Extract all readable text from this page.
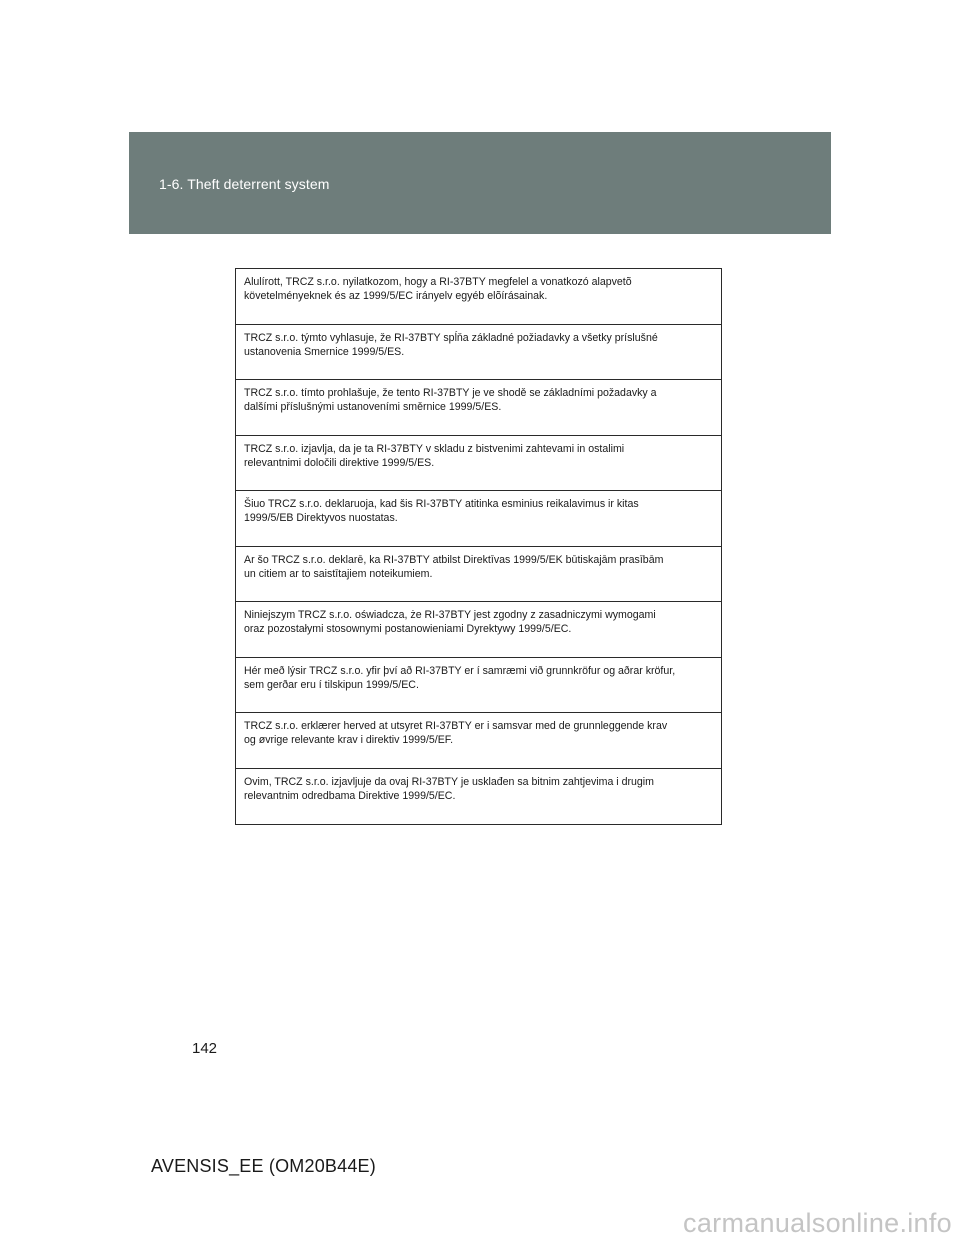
1-6. Theft deterrent system
Alulírott, TRCZ s.r.o. nyilatkozom, hogy a RI-37BTY megfelel a vonatkozó alapvetõ
követelményeknek és az 1999/5/EC irányelv egyéb elõírásainak.
TRCZ s.r.o. týmto vyhlasuje, že RI-37BTY spĺňa základné požiadavky a všetky príslušné
ustanovenia Smernice 1999/5/ES.
TRCZ s.r.o. tímto prohlašuje, že tento RI-37BTY je ve shodě se základními požadavky a
dalšími příslušnými ustanoveními směrnice 1999/5/ES.
TRCZ s.r.o. izjavlja, da je ta RI-37BTY v skladu z bistvenimi zahtevami in ostalimi
relevantnimi določili direktive 1999/5/ES.
Šiuo TRCZ s.r.o. deklaruoja, kad šis RI-37BTY atitinka esminius reikalavimus ir kitas
1999/5/EB Direktyvos nuostatas.
Ar šo TRCZ s.r.o. deklarē, ka RI-37BTY atbilst Direktīvas 1999/5/EK būtiskajām prasībām
un citiem ar to saistītajiem noteikumiem.
Niniejszym TRCZ s.r.o. oświadcza, że RI-37BTY jest zgodny z zasadniczymi wymogami
oraz pozostałymi stosownymi postanowieniami Dyrektywy 1999/5/EC.
Hér með lýsir TRCZ s.r.o. yfir því að RI-37BTY er í samræmi við grunnkröfur og aðrar kröfur,
sem gerðar eru í tilskipun 1999/5/EC.
TRCZ s.r.o. erklærer herved at utsyret RI-37BTY er i samsvar med de grunnleggende krav
og øvrige relevante krav i direktiv 1999/5/EF.
Ovim, TRCZ s.r.o. izjavljuje da ovaj RI-37BTY je usklađen sa bitnim zahtjevima i drugim
relevantnim odredbama Direktive 1999/5/EC.
142
AVENSIS_EE (OM20B44E)
carmanualsonline.info
